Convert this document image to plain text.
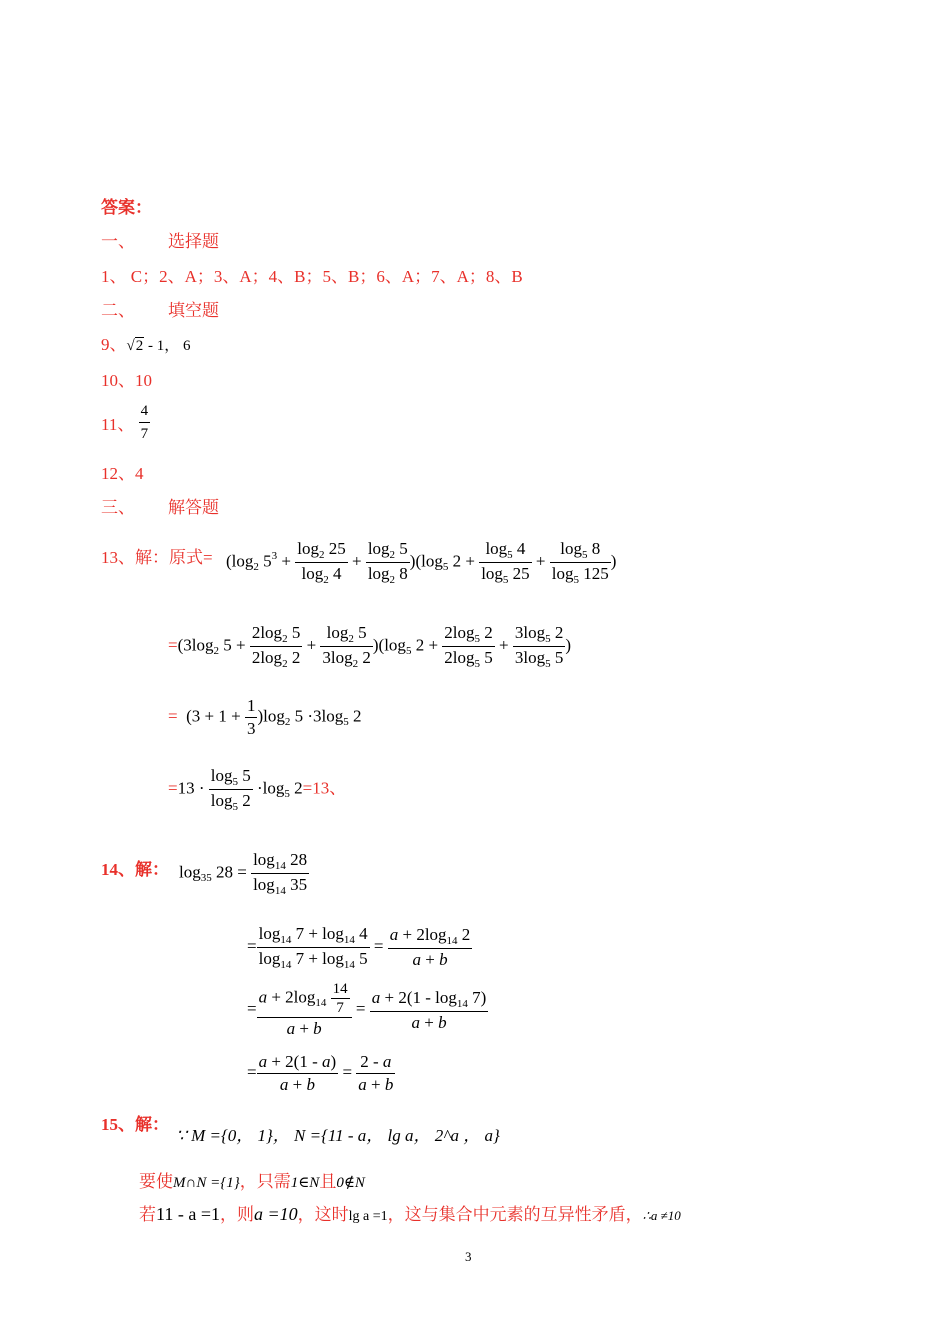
答案：
一、 选择题
1、 C；2、A；3、A；4、B；5、B；6、A；7、A；8、B
二、 填空题
9、√2 - 1， 6
10、10
11、 $\frac{4}{7}$
12、4
三、 解答题
13、解：原式= ($\log_2$ $5^3 + \frac{\log_2 25}{\log_2 4} + \frac{\log_2 5}{\log_2 8} )(\log_5$ $2 + \frac{\log_5 4}{\log_5 25} + \frac{\log_5 8}{\log_5 125}$ )
$=(3\log_2$ $5 + \frac{2\log_2 5}{2\log_2 2} + \frac{\log_2 5}{3\log_2 2} )(\log_5$ $2 + \frac{2\log_5 2}{2\log_5 5} + \frac{3\log_5 2}{3\log_5 5}$ )
=  $(3 + 1 + \frac{1}{3} )\log_2$ $5 \cdot 3\log_5$ 2
$=13 \cdot \frac{\log_5 5}{\log_5 2} \cdot\log_5$ 2=13、
14、解： $\log_{35} 28 = \frac{\log_{14} 28}{\log_{14} 35}$
= $\frac{\log_{14} 7 + \log_{14} 4}{\log_{14} 7 + \log_{14} 5} = \frac{a + 2\log_{14} 2}{a + b}$
= $\frac{a + 2\log_{14} \frac{14}{7}}{a + b} = \frac{a + 2(1 - \log_{14} 7)}{a + b}$
= $\frac{a + 2(1 - a)}{a + b} = \frac{2 - a}{a + b}$
15、解：
∵ M ={0， 1}， N ={11 - a， lg a， 2^a ， a}
要使M∩N ={1}，只需1∈N且0∉N
若11 - a =1，则a =10，这时lg a =1，这与集合中元素的互异性矛盾，∴a ≠10
3
